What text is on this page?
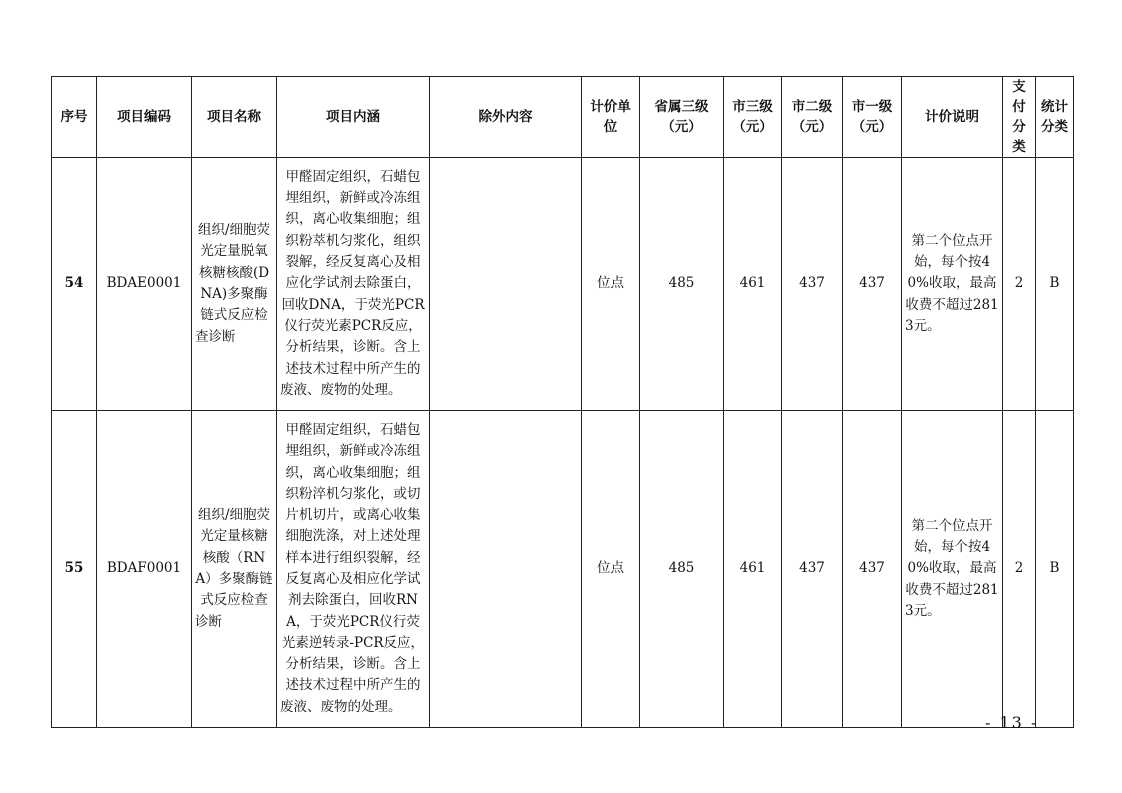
序号	项目编码	项目名称	项目内涵	除外内容	计价单位	省属三级（元）	市三级（元）	市二级（元）	市一级（元）	计价说明	支付分类	统计分类
54	BDAE0001	组织/细胞荧光定量脱氧核糖核酸(DNA)多聚酶链式反应检查诊断	甲醛固定组织，石蜡包埋组织，新鲜或冷冻组织，离心收集细胞；组织粉萃机匀浆化，组织裂解，经反复离心及相应化学试剂去除蛋白，回收DNA，于荧光PCR仪行荧光素PCR反应，分析结果，诊断。含上述技术过程中所产生的废液、废物的处理。		位点	485	461	437	437	第二个位点开始，每个按40%收取，最高收费不超过2813元。	2	B
55	BDAF0001	组织/细胞荧光定量核糖核酸（RNA）多聚酶链式反应检查诊断	甲醛固定组织，石蜡包埋组织，新鲜或冷冻组织，离心收集细胞；组织粉淬机匀浆化，或切片机切片，或离心收集细胞洗涤，对上述处理样本进行组织裂解，经反复离心及相应化学试剂去除蛋白，回收RNA，于荧光PCR仪行荧光素逆转录-PCR反应，分析结果，诊断。含上述技术过程中所产生的废液、废物的处理。		位点	485	461	437	437	第二个位点开始，每个按40%收取，最高收费不超过2813元。	2	B
- 13 -
